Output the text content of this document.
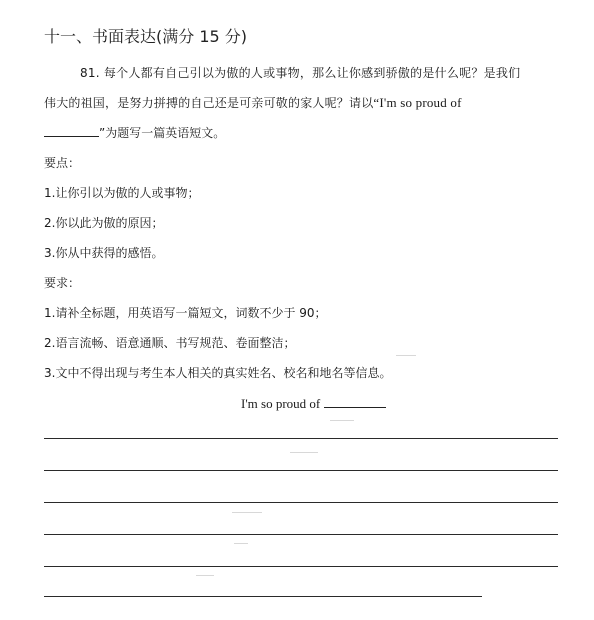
十一、书面表达(满分 15 分)
81. 每个人都有自己引以为傲的人或事物，那么让你感到骄傲的是什么呢？是我们
伟大的祖国，是努力拼搏的自己还是可亲可敬的家人呢？请以“I'm so proud of
”为题写一篇英语短文。
要点：
1.让你引以为傲的人或事物；
2.你以此为傲的原因；
3.你从中获得的感悟。
要求：
1.请补全标题，用英语写一篇短文，词数不少于 90；
2.语言流畅、语意通顺、书写规范、卷面整洁；
3.文中不得出现与考生本人相关的真实姓名、校名和地名等信息。
I'm so proud of
